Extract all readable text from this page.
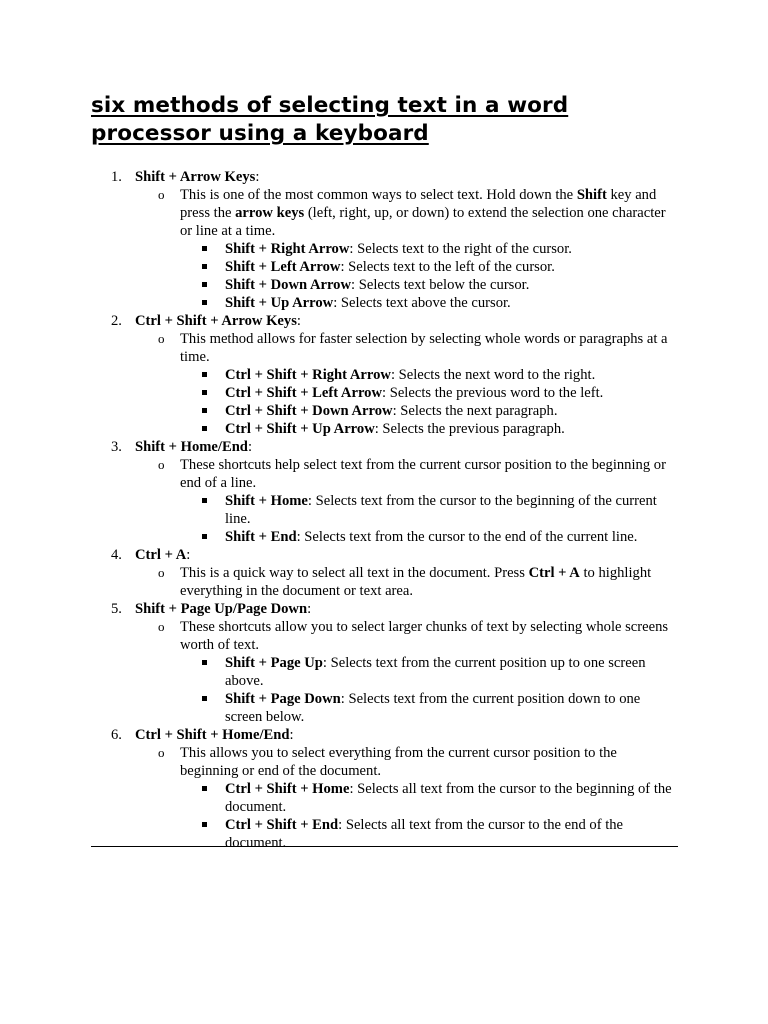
six methods of selecting text in a word processor using a keyboard
1. Shift + Arrow Keys:
o This is one of the most common ways to select text. Hold down the Shift key and press the arrow keys (left, right, up, or down) to extend the selection one character or line at a time.
Shift + Right Arrow: Selects text to the right of the cursor.
Shift + Left Arrow: Selects text to the left of the cursor.
Shift + Down Arrow: Selects text below the cursor.
Shift + Up Arrow: Selects text above the cursor.
2. Ctrl + Shift + Arrow Keys:
o This method allows for faster selection by selecting whole words or paragraphs at a time.
Ctrl + Shift + Right Arrow: Selects the next word to the right.
Ctrl + Shift + Left Arrow: Selects the previous word to the left.
Ctrl + Shift + Down Arrow: Selects the next paragraph.
Ctrl + Shift + Up Arrow: Selects the previous paragraph.
3. Shift + Home/End:
o These shortcuts help select text from the current cursor position to the beginning or end of a line.
Shift + Home: Selects text from the cursor to the beginning of the current line.
Shift + End: Selects text from the cursor to the end of the current line.
4. Ctrl + A:
o This is a quick way to select all text in the document. Press Ctrl + A to highlight everything in the document or text area.
5. Shift + Page Up/Page Down:
o These shortcuts allow you to select larger chunks of text by selecting whole screens worth of text.
Shift + Page Up: Selects text from the current position up to one screen above.
Shift + Page Down: Selects text from the current position down to one screen below.
6. Ctrl + Shift + Home/End:
o This allows you to select everything from the current cursor position to the beginning or end of the document.
Ctrl + Shift + Home: Selects all text from the cursor to the beginning of the document.
Ctrl + Shift + End: Selects all text from the cursor to the end of the document.
